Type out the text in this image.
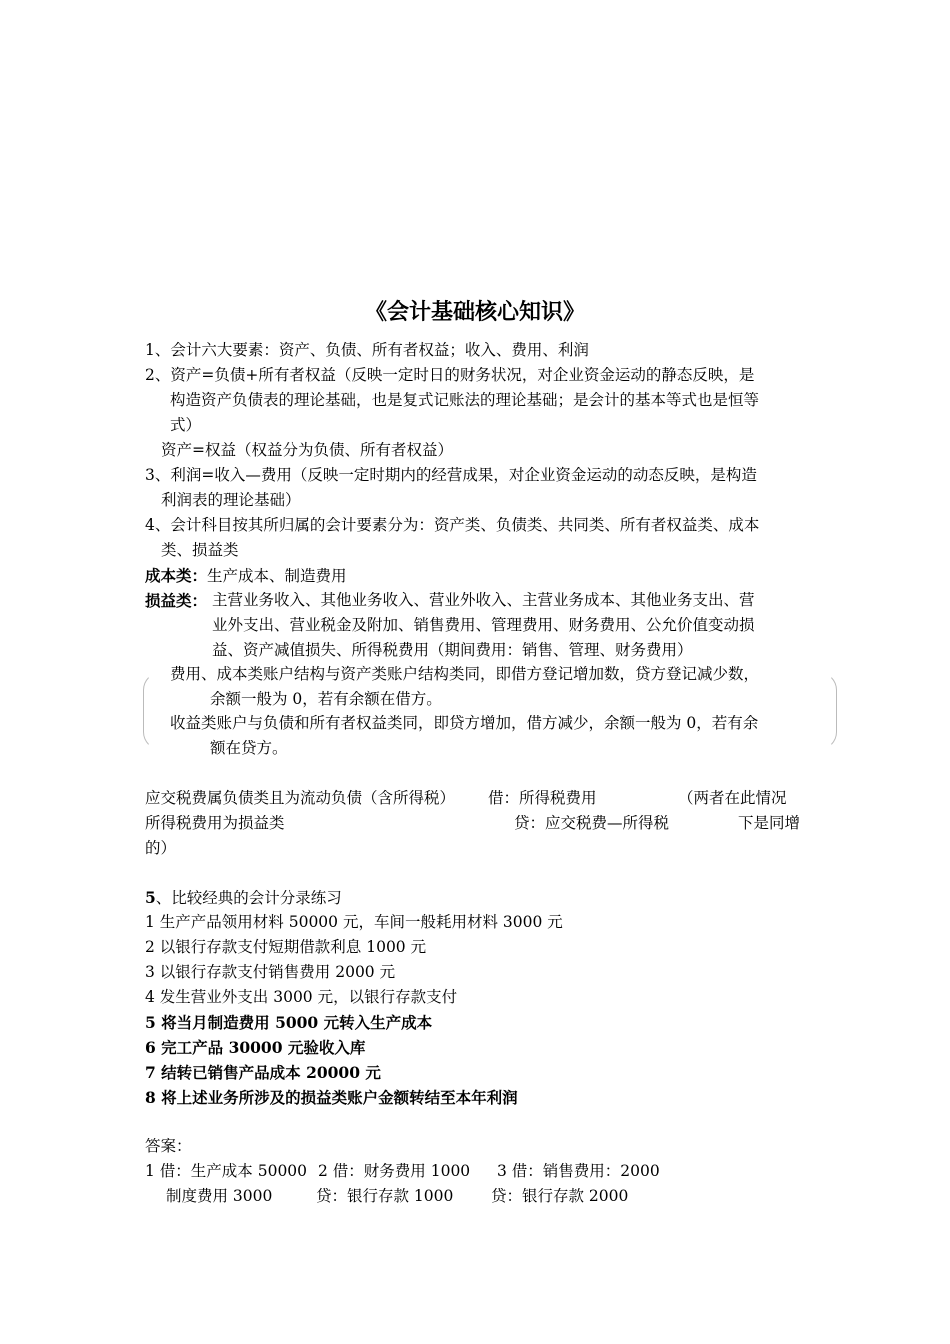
《会计基础核心知识》
1、会计六大要素：资产、负债、所有者权益；收入、费用、利润
2、资产=负债+所有者权益（反映一定时日的财务状况，对企业资金运动的静态反映，是
构造资产负债表的理论基础，也是复式记账法的理论基础；是会计的基本等式也是恒等
式）
资产=权益（权益分为负债、所有者权益）
3、利润=收入—费用（反映一定时期内的经营成果，对企业资金运动的动态反映，是构造
利润表的理论基础）
4、会计科目按其所归属的会计要素分为：资产类、负债类、共同类、所有者权益类、成本
类、损益类
成本类：生产成本、制造费用
损益类： 主营业务收入、其他业务收入、营业外收入、主营业务成本、其他业务支出、营
业外支出、营业税金及附加、销售费用、管理费用、财务费用、公允价值变动损
益、资产减值损失、所得税费用（期间费用：销售、管理、财务费用）
费用、成本类账户结构与资产类账户结构类同，即借方登记增加数，贷方登记减少数，
余额一般为 0，若有余额在借方。
收益类账户与负债和所有者权益类同，即贷方增加，借方减少，余额一般为 0，若有余
额在贷方。
应交税费属负债类且为流动负债（含所得税） 借：所得税费用	（两者在此情况
所得税费用为损益类	贷：应交税费—所得税	下是同增
的）
5、比较经典的会计分录练习
1 生产产品领用材料 50000 元，车间一般耗用材料 3000 元
2 以银行存款支付短期借款利息 1000 元
3 以银行存款支付销售费用 2000 元
4 发生营业外支出 3000 元，以银行存款支付
5 将当月制造费用 5000 元转入生产成本
6 完工产品 30000 元验收入库
7 结转已销售产品成本 20000 元
8 将上述业务所涉及的损益类账户金额转结至本年利润
答案：
1 借：生产成本 50000 2 借：财务费用 1000 3 借：销售费用：2000
制度费用 3000	贷：银行存款 1000 贷：银行存款 2000
